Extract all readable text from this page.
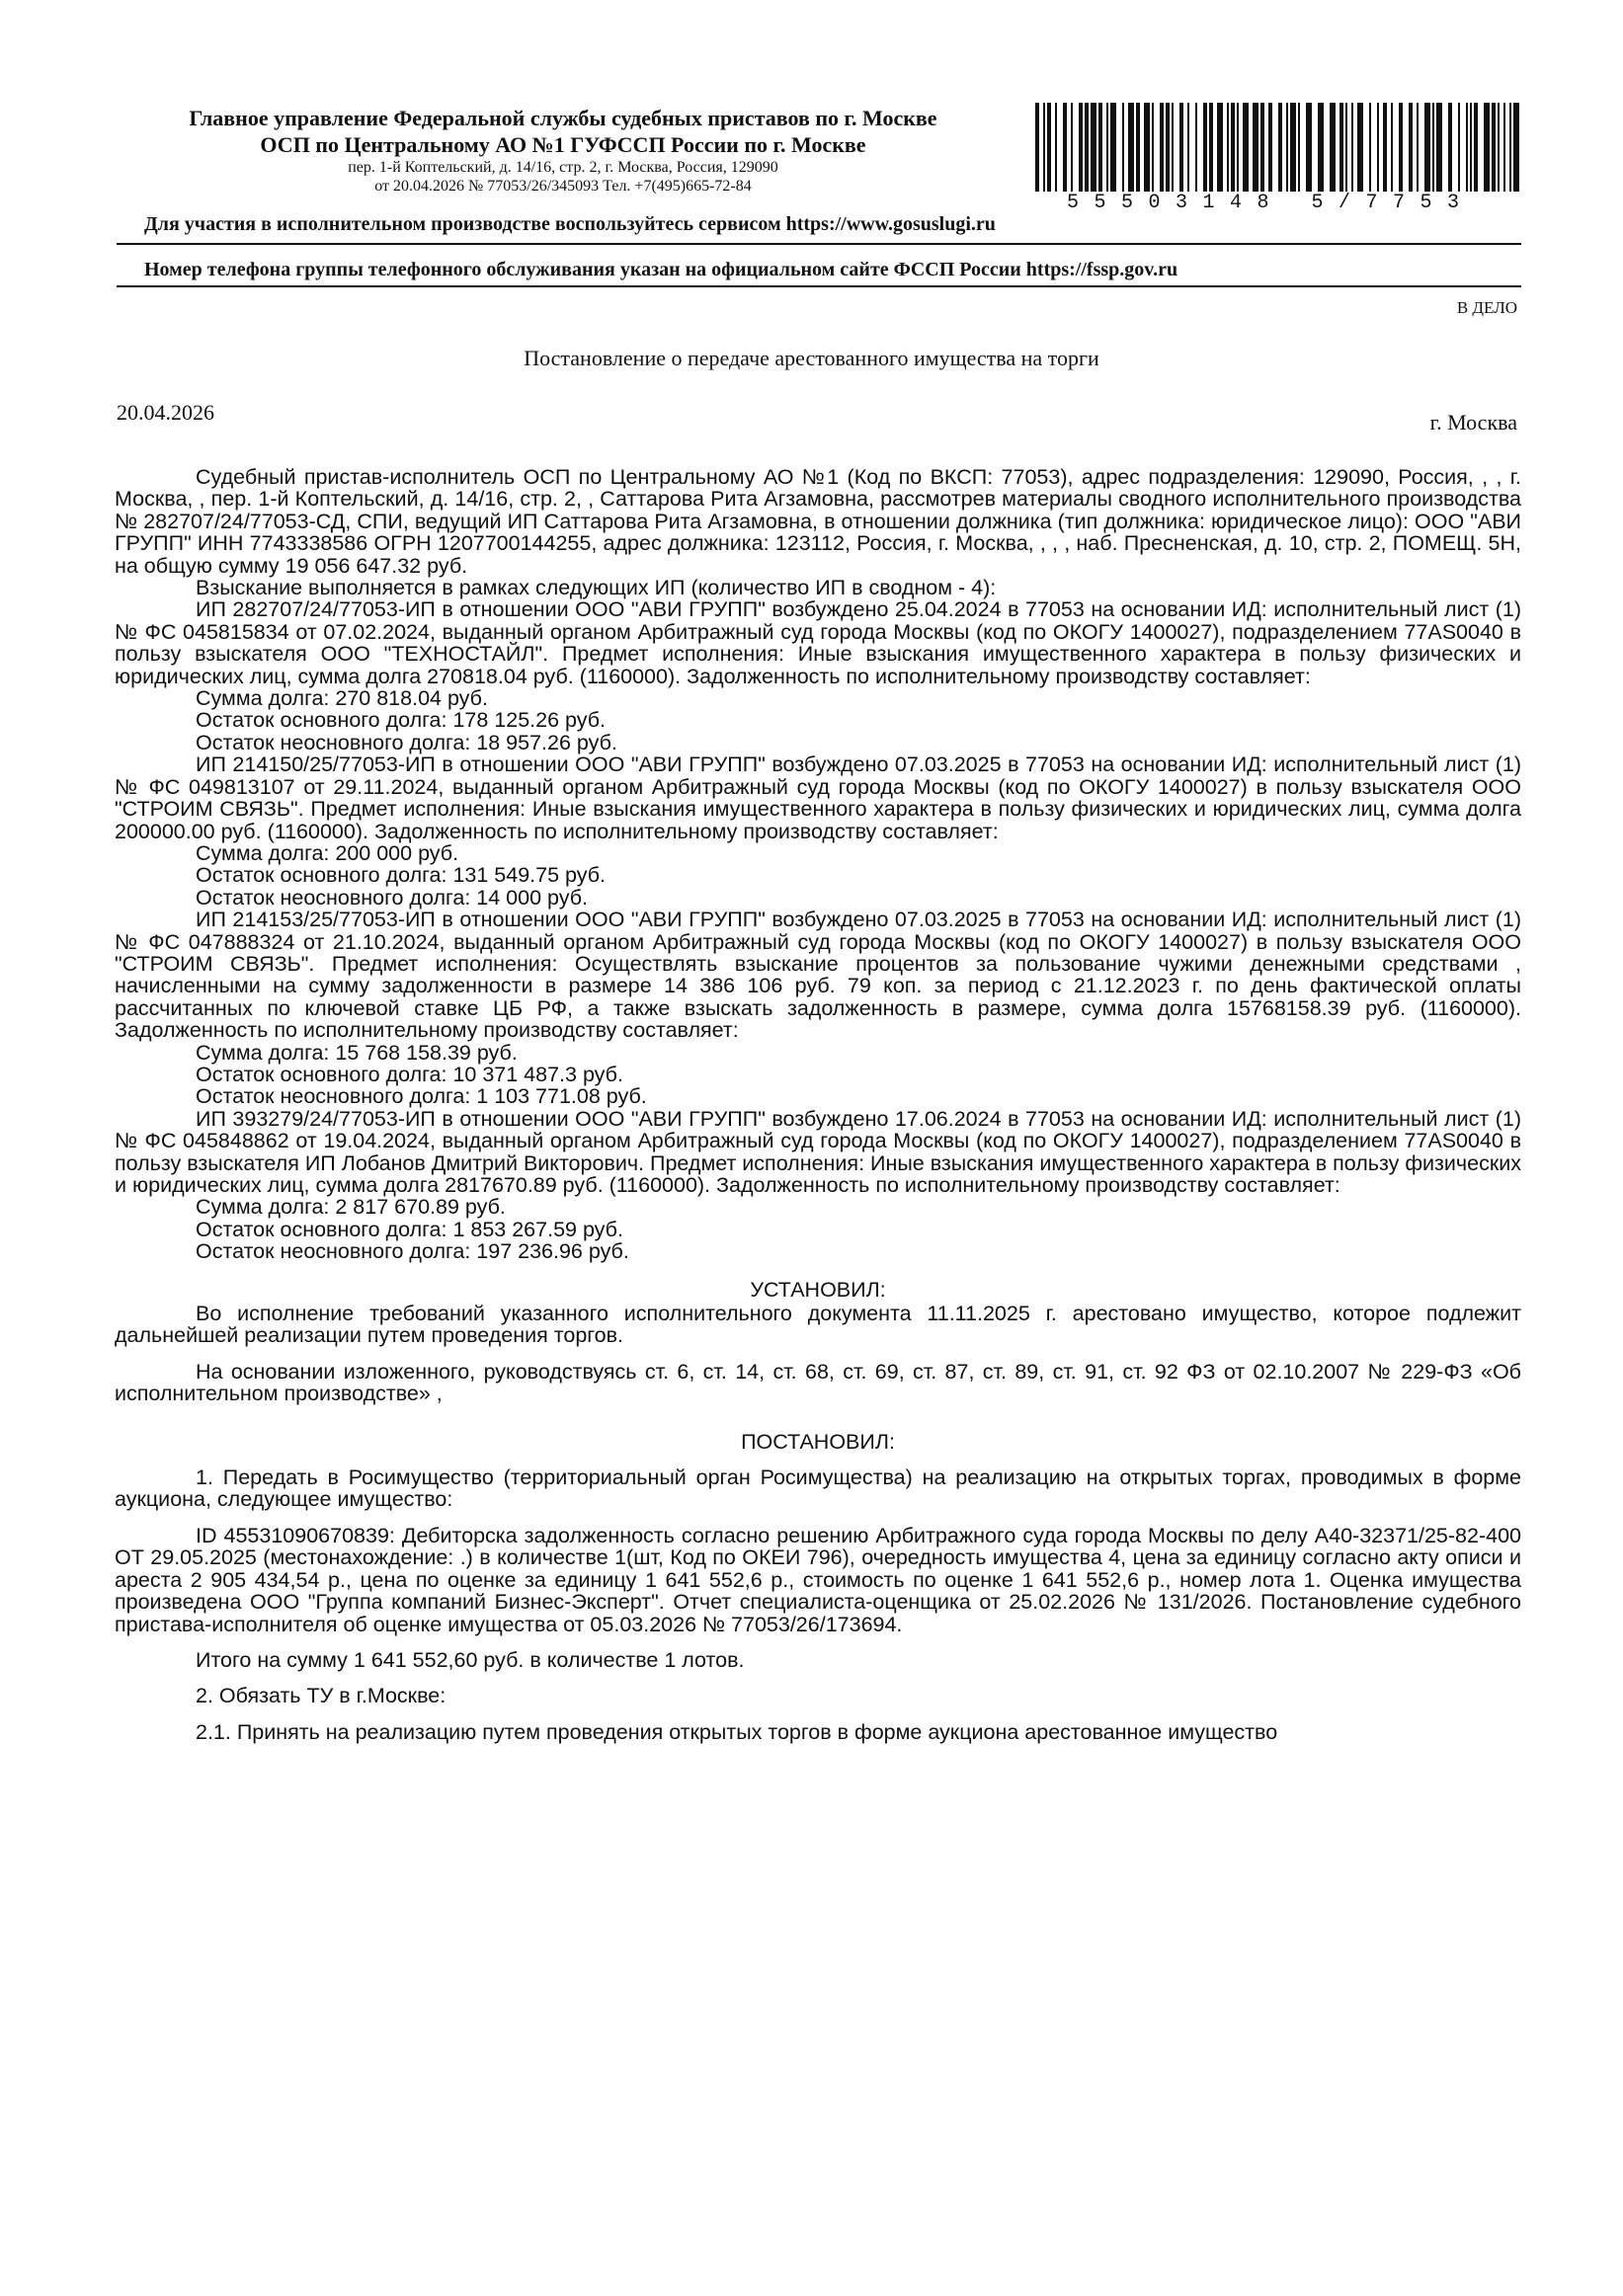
Главное управление Федеральной службы судебных приставов по г. Москве
ОСП по Центральному АО №1 ГУФССП России по г. Москве
пер. 1-й Коптельский, д. 14/16, стр. 2, г. Москва, Россия, 129090
от 20.04.2026 № 77053/26/345093 Тел. +7(495)665-72-84
55503148 5/7753
Для участия в исполнительном производстве воспользуйтесь сервисом https://www.gosuslugi.ru
Номер телефона группы телефонного обслуживания указан на официальном сайте ФССП России https://fssp.gov.ru
В ДЕЛО
Постановление о передаче арестованного имущества на торги
20.04.2026	г. Москва

Судебный пристав-исполнитель ОСП по Центральному АО №1 (Код по ВКСП: 77053), адрес подразделения: 129090, Россия, , , г. Москва, , пер. 1-й Коптельский, д. 14/16, стр. 2, , Саттарова Рита Агзамовна, рассмотрев материалы сводного исполнительного производства № 282707/24/77053-СД, СПИ, ведущий ИП Саттарова Рита Агзамовна, в отношении должника (тип должника: юридическое лицо): ООО "АВИ ГРУПП" ИНН 7743338586 ОГРН 1207700144255, адрес должника: 123112, Россия, г. Москва, , , , наб. Пресненская, д. 10, стр. 2, ПОМЕЩ. 5Н, на общую сумму 19 056 647.32 руб.

Взыскание выполняется в рамках следующих ИП (количество ИП в сводном - 4):

ИП 282707/24/77053-ИП в отношении ООО "АВИ ГРУПП" возбуждено 25.04.2024 в 77053 на основании ИД: исполнительный лист (1) № ФС 045815834 от 07.02.2024, выданный органом Арбитражный суд города Москвы (код по ОКОГУ 1400027), подразделением 77AS0040 в пользу взыскателя ООО "ТЕХНОСТАЙЛ". Предмет исполнения: Иные взыскания имущественного характера в пользу физических и юридических лиц, сумма долга 270818.04 руб. (1160000). Задолженность по исполнительному производству составляет:

Сумма долга: 270 818.04 руб.

Остаток основного долга: 178 125.26 руб.

Остаток неосновного долга: 18 957.26 руб.

ИП 214150/25/77053-ИП в отношении ООО "АВИ ГРУПП" возбуждено 07.03.2025 в 77053 на основании ИД: исполнительный лист (1) № ФС 049813107 от 29.11.2024, выданный органом Арбитражный суд города Москвы (код по ОКОГУ 1400027) в пользу взыскателя ООО "СТРОИМ СВЯЗЬ". Предмет исполнения: Иные взыскания имущественного характера в пользу физических и юридических лиц, сумма долга 200000.00 руб. (1160000). Задолженность по исполнительному производству составляет:

Сумма долга: 200 000 руб.

Остаток основного долга: 131 549.75 руб.

Остаток неосновного долга: 14 000 руб.

ИП 214153/25/77053-ИП в отношении ООО "АВИ ГРУПП" возбуждено 07.03.2025 в 77053 на основании ИД: исполнительный лист (1) № ФС 047888324 от 21.10.2024, выданный органом Арбитражный суд города Москвы (код по ОКОГУ 1400027) в пользу взыскателя ООО "СТРОИМ СВЯЗЬ". Предмет исполнения: Осуществлять взыскание процентов за пользование чужими денежными средствами , начисленными на сумму задолженности в размере 14 386 106 руб. 79 коп. за период с 21.12.2023 г. по день фактической оплаты рассчитанных по ключевой ставке ЦБ РФ, а также взыскать задолженность в размере, сумма долга 15768158.39 руб. (1160000). Задолженность по исполнительному производству составляет:

Сумма долга: 15 768 158.39 руб.

Остаток основного долга: 10 371 487.3 руб.

Остаток неосновного долга: 1 103 771.08 руб.

ИП 393279/24/77053-ИП в отношении ООО "АВИ ГРУПП" возбуждено 17.06.2024 в 77053 на основании ИД: исполнительный лист (1) № ФС 045848862 от 19.04.2024, выданный органом Арбитражный суд города Москвы (код по ОКОГУ 1400027), подразделением 77AS0040 в пользу взыскателя ИП Лобанов Дмитрий Викторович. Предмет исполнения: Иные взыскания имущественного характера в пользу физических и юридических лиц, сумма долга 2817670.89 руб. (1160000). Задолженность по исполнительному производству составляет:

Сумма долга: 2 817 670.89 руб.

Остаток основного долга: 1 853 267.59 руб.

Остаток неосновного долга: 197 236.96 руб.

УСТАНОВИЛ:

Во исполнение требований указанного исполнительного документа 11.11.2025 г. арестовано имущество, которое подлежит дальнейшей реализации путем проведения торгов.

На основании изложенного, руководствуясь ст. 6, ст. 14, ст. 68, ст. 69, ст. 87, ст. 89, ст. 91, ст. 92 ФЗ от 02.10.2007 № 229-ФЗ «Об исполнительном производстве» ,

ПОСТАНОВИЛ:

1. Передать в Росимущество (территориальный орган Росимущества) на реализацию на открытых торгах, проводимых в форме аукциона, следующее имущество:

ID 45531090670839: Дебиторска задолженность согласно решению Арбитражного суда города Москвы по делу А40-32371/25-82-400 ОТ 29.05.2025 (местонахождение: .) в количестве 1(шт, Код по ОКЕИ 796), очередность имущества 4, цена за единицу согласно акту описи и ареста 2 905 434,54 р., цена по оценке за единицу 1 641 552,6 р., стоимость по оценке 1 641 552,6 р., номер лота 1. Оценка имущества произведена ООО "Группа компаний Бизнес-Эксперт". Отчет специалиста-оценщика от 25.02.2026 № 131/2026. Постановление судебного пристава-исполнителя об оценке имущества от 05.03.2026 № 77053/26/173694.

Итого на сумму 1 641 552,60 руб. в количестве 1 лотов.

2. Обязать ТУ в г.Москве:

2.1. Принять на реализацию путем проведения открытых торгов в форме аукциона арестованное имущество
